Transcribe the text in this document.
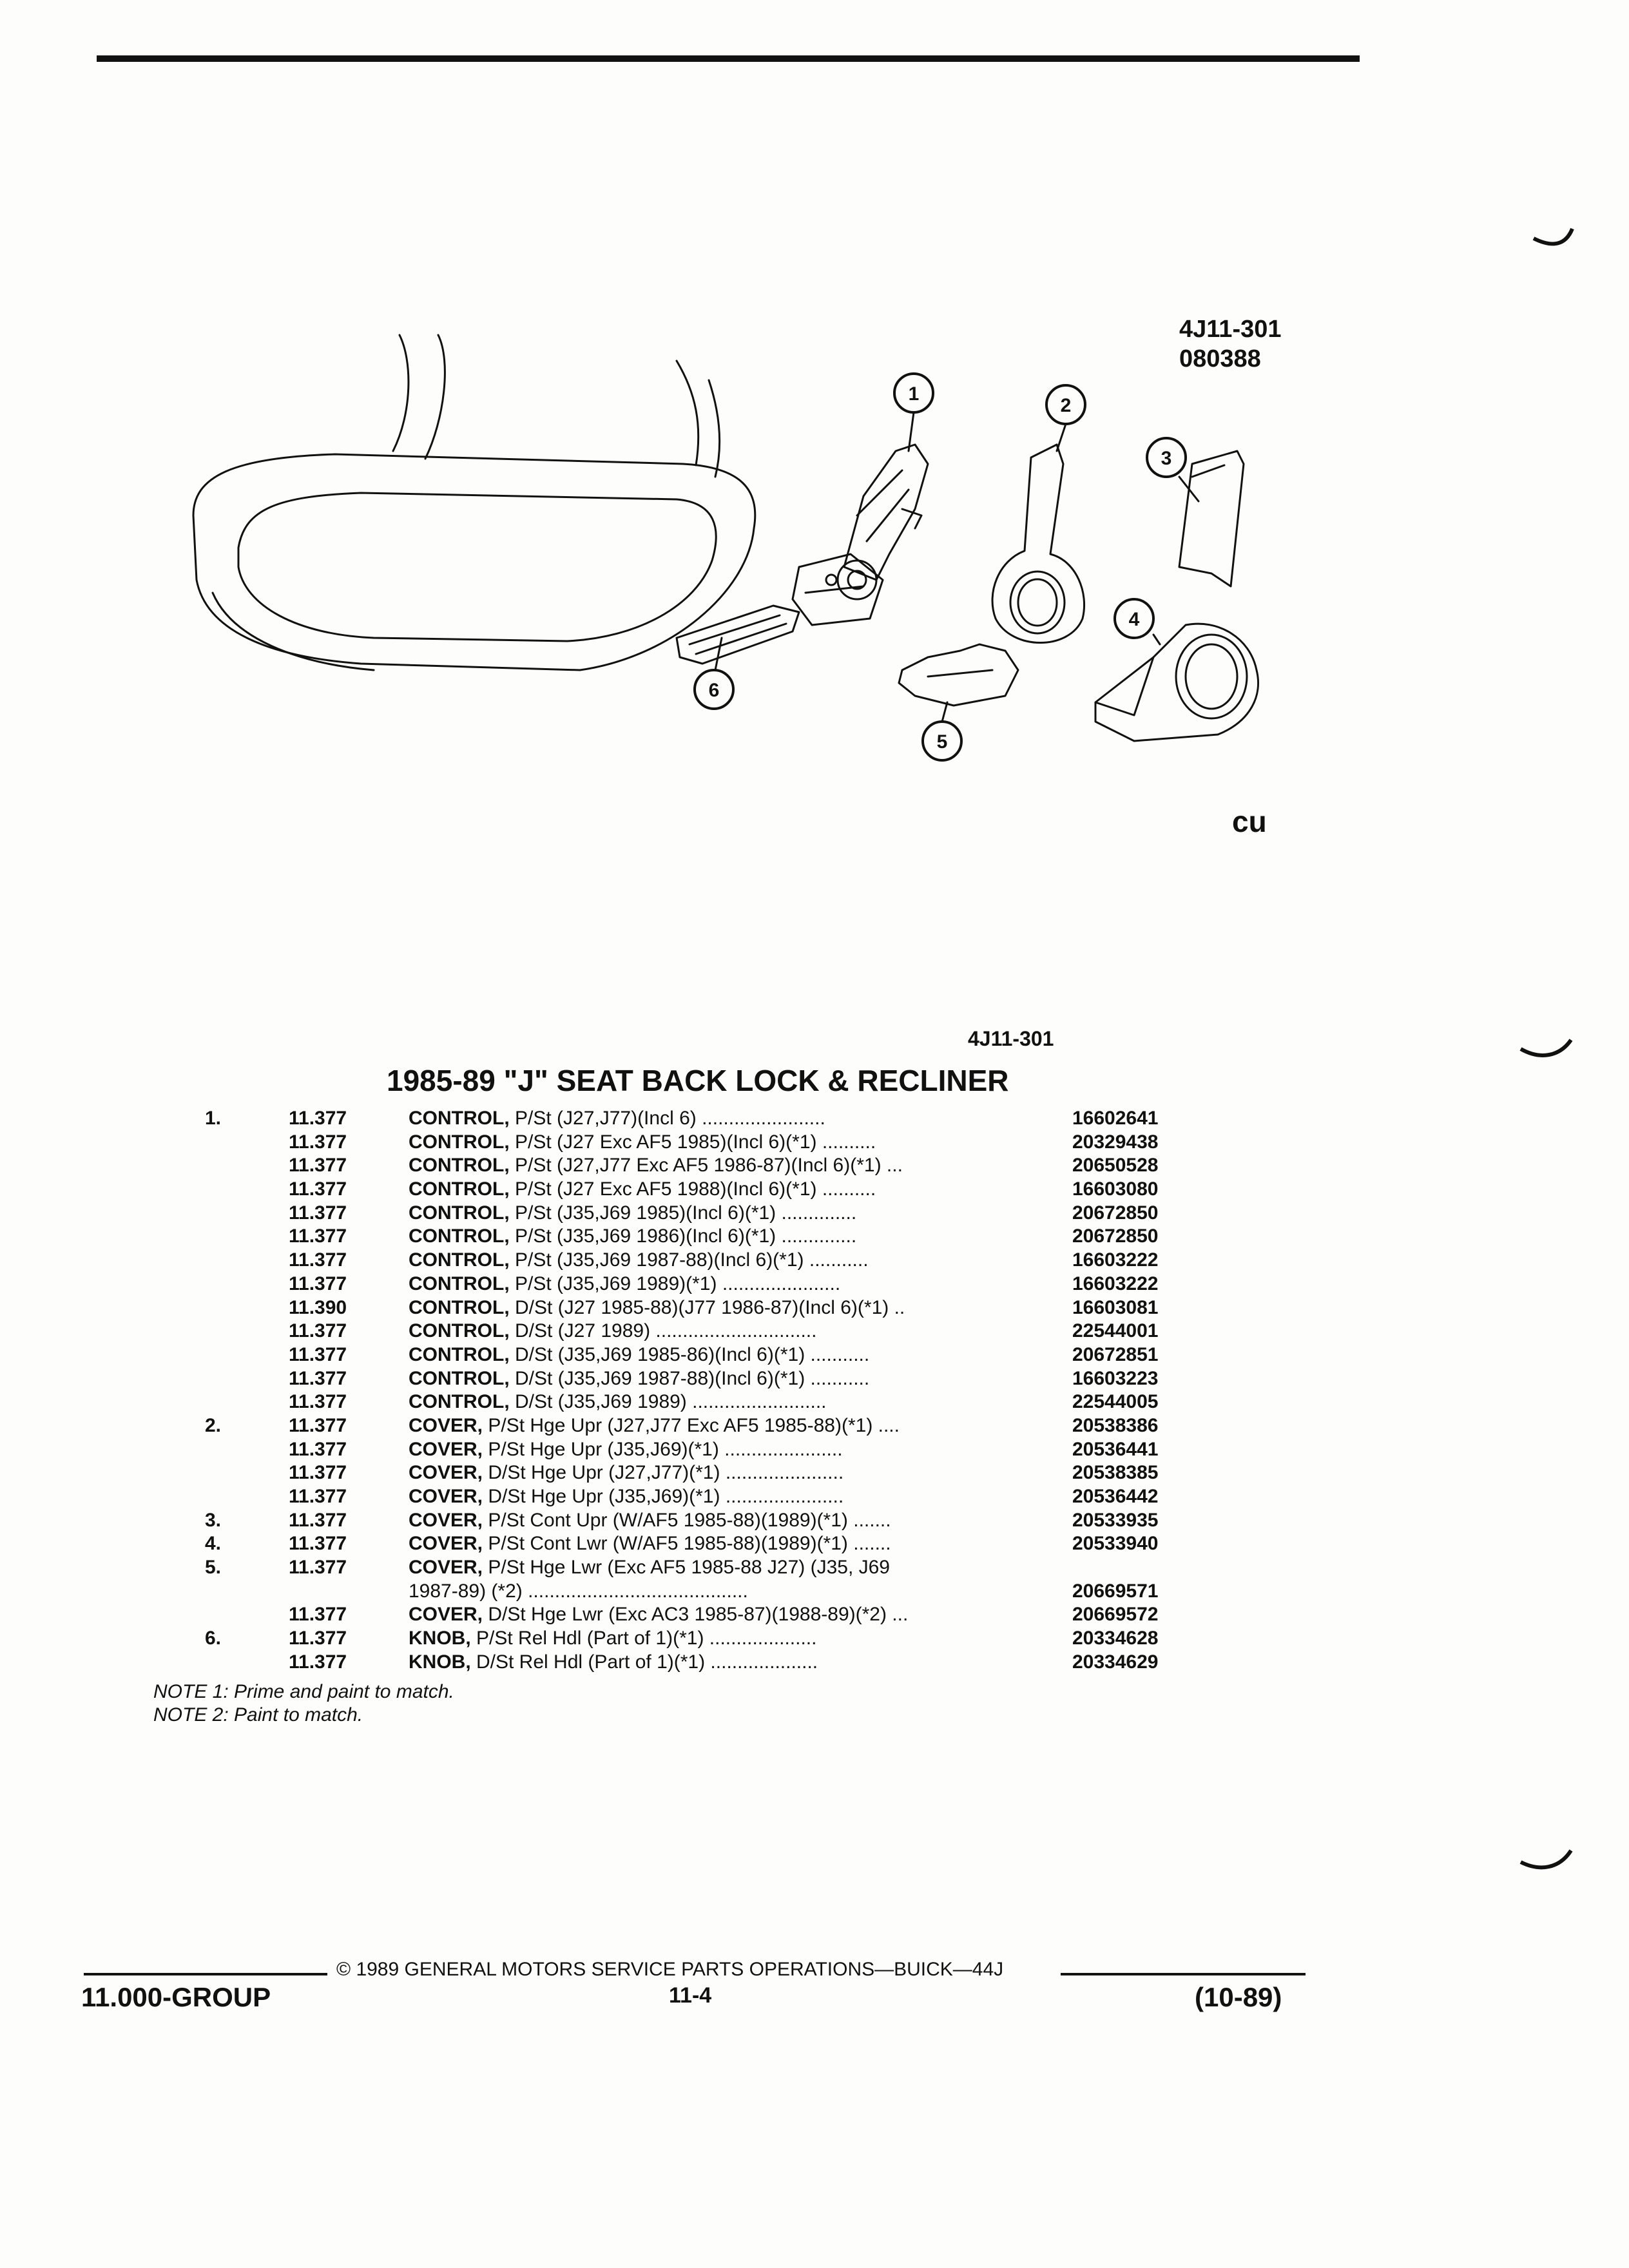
4J11-301
080388
1
2
3
4
5
6
cu
4J11-301
1985-89 "J" SEAT BACK LOCK & RECLINER
1.	11.377	CONTROL, P/St (J27,J77)(Incl 6) .......................	16602641
11.377	CONTROL, P/St (J27 Exc AF5 1985)(Incl 6)(*1) ..........	20329438
11.377	CONTROL, P/St (J27,J77 Exc AF5 1986-87)(Incl 6)(*1) ...	20650528
11.377	CONTROL, P/St (J27 Exc AF5 1988)(Incl 6)(*1) ..........	16603080
11.377	CONTROL, P/St (J35,J69 1985)(Incl 6)(*1) ..............	20672850
11.377	CONTROL, P/St (J35,J69 1986)(Incl 6)(*1) ..............	20672850
11.377	CONTROL, P/St (J35,J69 1987-88)(Incl 6)(*1) ...........	16603222
11.377	CONTROL, P/St (J35,J69 1989)(*1) ......................	16603222
11.390	CONTROL, D/St (J27 1985-88)(J77 1986-87)(Incl 6)(*1) ..	16603081
11.377	CONTROL, D/St (J27 1989) ..............................	22544001
11.377	CONTROL, D/St (J35,J69 1985-86)(Incl 6)(*1) ...........	20672851
11.377	CONTROL, D/St (J35,J69 1987-88)(Incl 6)(*1) ...........	16603223
11.377	CONTROL, D/St (J35,J69 1989) .........................	22544005
2.	11.377	COVER, P/St Hge Upr (J27,J77 Exc AF5 1985-88)(*1) ....	20538386
11.377	COVER, P/St Hge Upr (J35,J69)(*1) ......................	20536441
11.377	COVER, D/St Hge Upr (J27,J77)(*1) ......................	20538385
11.377	COVER, D/St Hge Upr (J35,J69)(*1) ......................	20536442
3.	11.377	COVER, P/St Cont Upr (W/AF5 1985-88)(1989)(*1) .......	20533935
4.	11.377	COVER, P/St Cont Lwr (W/AF5 1985-88)(1989)(*1) .......	20533940
5.	11.377	COVER, P/St Hge Lwr (Exc AF5 1985-88 J27) (J35, J69
1987-89) (*2) .........................................	20669571
11.377	COVER, D/St Hge Lwr (Exc AC3 1985-87)(1988-89)(*2) ...	20669572
6.	11.377	KNOB, P/St Rel Hdl (Part of 1)(*1) ....................	20334628
11.377	KNOB, D/St Rel Hdl (Part of 1)(*1) ....................	20334629
NOTE 1: Prime and paint to match.
NOTE 2: Paint to match.
© 1989 GENERAL MOTORS SERVICE PARTS OPERATIONS—BUICK—44J
11.000-GROUP	11-4	(10-89)
